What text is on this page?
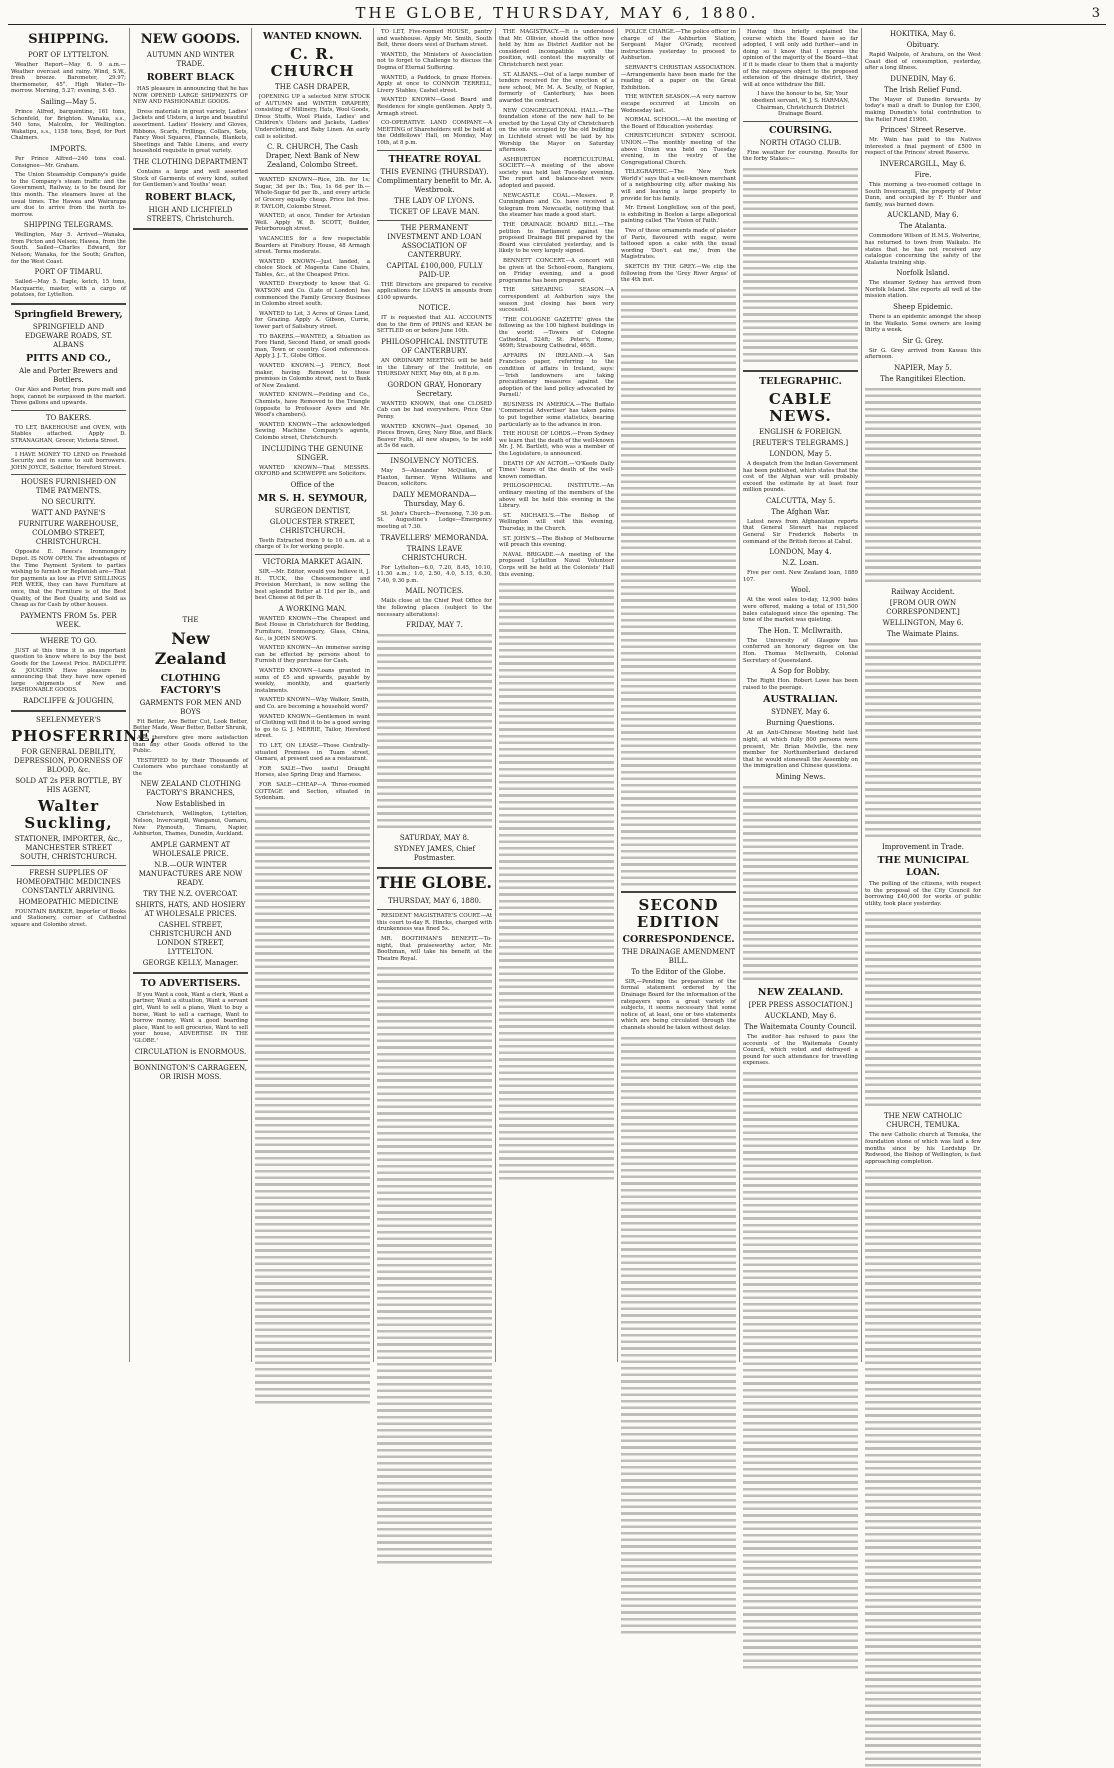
THE GLOBE, THURSDAY, MAY 6, 1880.	3
SHIPPING.
PORT OF LYTTELTON.
Weather Report—May 6. 9 a.m.—Weather overcast and rainy. Wind, S.W., fresh breeze. Barometer, 29.97; thermometer, 45°. High Water—To-morrow. Morning, 5.27; evening, 5.45.
Sailing—May 5.
Prince Alfred, barquentine, 161 tons, Schonfeld, for Brighton. Wanaka, s.s., 540 tons, Malcolm, for Wellington. Wakatipu, s.s., 1158 tons, Boyd, for Port Chalmers.
IMPORTS.
Per Prince Alfred—240 tons coal. Consignee—Mr. Graham.
The Union Steamship Company's guide to the Company's steam traffic and the Government, Railway, is to be found for this month. The steamers leave at the usual times. The Hawea and Wairarapa are due to arrive from the north to-morrow.
SHIPPING TELEGRAMS.
Wellington, May 5. Arrived—Wanaka, from Picton and Nelson; Hawea, from the South. Sailed—Charles Edward, for Nelson; Wanaka, for the South; Grafton, for the West Coast.
PORT OF TIMARU.
Sailed—May 5. Eagle, ketch, 15 tons, Macquarrie, master, with a cargo of potatoes, for Lyttelton.
Springfield Brewery,
SPRINGFIELD AND EDGEWARE ROADS, ST. ALBANS
PITTS AND CO.,
Ale and Porter Brewers and Bottlers.
Our Ales and Porter, from pure malt and hops, cannot be surpassed in the market. Three gallons and upwards.
TO BAKERS.
TO LET, BAKEHOUSE and OVEN, with Stables attached. Apply D. STRANAGHAN, Grocer, Victoria Street.
I HAVE MONEY TO LEND on Freehold Security and in sums to suit borrowers. JOHN JOYCE, Solicitor, Hereford Street.
HOUSES FURNISHED ON TIME PAYMENTS.
NO SECURITY.
WATT AND PAYNE'S
FURNITURE WAREHOUSE, COLOMBO STREET, CHRISTCHURCH.
Opposite E. Reece's Ironmongery Depot. IS NOW OPEN. The advantages of the Time Payment System to parties wishing to furnish or Replenish are—That for payments as low as FIVE SHILLINGS PER WEEK, they can have Furniture at once, that the Furniture is of the Best Quality, of the Best Quality, and Sold as Cheap as for Cash by other houses.
PAYMENTS FROM 5s. PER WEEK.
WHERE TO GO.
JUST at this time it is an important question to know where to buy the best Goods for the Lowest Price. RADCLIFFE & JOUGHIN Have pleasure in announcing that they have now opened large shipments of New and FASHIONABLE GOODS.
RADCLIFFE & JOUGHIN,
SEELENMEYER'S
PHOSFERRINE,
FOR GENERAL DEBILITY, DEPRESSION, POORNESS OF BLOOD, &c.
SOLD AT 2s PER BOTTLE, BY HIS AGENT,
Walter Suckling,
STATIONER, IMPORTER, &c., MANCHESTER STREET SOUTH, CHRISTCHURCH.
FRESH SUPPLIES OF HOMEOPATHIC MEDICINES CONSTANTLY ARRIVING.
HOMEOPATHIC MEDICINE
FOUNTAIN BARKER, Importer of Books and Stationery, corner of Cathedral square and Colombo street.
NEW GOODS.
AUTUMN AND WINTER TRADE.
ROBERT BLACK
HAS pleasure in announcing that he has NOW OPENED LARGE SHIPMENTS OF NEW AND FASHIONABLE GOODS.
Dress materials in great variety, Ladies' Jackets and Ulsters, a large and beautiful assortment. Ladies' Hosiery and Gloves, Ribbons, Scarfs, Frillings, Collars, Sets, Fancy Wool Squares, Flannels, Blankets, Sheetings and Table Linens, and every household requisite in great variety.
THE CLOTHING DEPARTMENT
Contains a large and well assorted Stock of Garments of every kind, suited for Gentlemen's and Youths' wear.
ROBERT BLACK,
HIGH AND LICHFIELD STREETS, Christchurch.
THE
New Zealand
CLOTHING FACTORY'S
GARMENTS FOR MEN AND BOYS
Fit Better, Are Better Cut, Look Better, Better Made, Wear Better, Better Shrunk,
And therefore give more satisfaction than any other Goods offered to the Public.
TESTIFIED to by their Thousands of Customers who purchase constantly at the
NEW ZEALAND CLOTHING FACTORY'S BRANCHES,
Now Established in
Christchurch, Wellington, Lyttelton, Nelson, Invercargill, Wanganui, Oamaru, New Plymouth, Timaru, Napier, Ashburton, Thames, Dunedin, Auckland.
AMPLE GARMENT AT WHOLESALE PRICE.
N.B.—OUR WINTER MANUFACTURES ARE NOW READY.
TRY THE N.Z. OVERCOAT.
SHIRTS, HATS, AND HOSIERY AT WHOLESALE PRICES.
CASHEL STREET, CHRISTCHURCH AND LONDON STREET, LYTTELTON.
GEORGE KELLY, Manager.
TO ADVERTISERS.
If you Want a cook, Want a clerk, Want a partner, Want a situation, Want a servant girl, Want to sell a piano, Want to buy a horse, Want to sell a carriage, Want to borrow money, Want a good boarding place, Want to sell groceries, Want to sell your house, ADVERTISE IN THE 'GLOBE.'
CIRCULATION is ENORMOUS.
BONNINGTON'S CARRAGEEN, OR IRISH MOSS.
WANTED KNOWN.
C. R. CHURCH
THE CASH DRAPER,
[OPENING UP a selected NEW STOCK of AUTUMN and WINTER DRAPERY, consisting of Millinery, Hats, Wool Goods, Dress Stuffs, Wool Plaids, Ladies' and Children's Ulsters and Jackets, Ladies' Underclothing, and Baby Linen. An early call is solicited.
C. R. CHURCH, The Cash Draper, Next Bank of New Zealand, Colombo Street.
WANTED KNOWN—Rice, 2lb. for 1s; Sugar, 3d per lb.; Tea, 1s 6d per lb.—Whole-Sugar 6d per lb., and every article of Grocery equally cheap. Price list free. P. TAYLOR, Colombo Street.
WANTED, at once, Tender for Artesian Well. Apply W. B. SCOTT, Builder, Peterborough street.
VACANCIES for a few respectable Boarders at Finsbury House, 48 Armagh street. Terms moderate.
WANTED KNOWN—Just landed, a choice Stock of Magenta Cane Chairs, Tables, &c., at the Cheapest Price.
WANTED Everybody to know that G. WATSON and Co. (Late of London) has commenced the Family Grocery Business in Colombo street south.
WANTED to Let, 3 Acres of Grass Land, for Grazing. Apply A. Gibson, Currie, lower part of Salisbury street.
TO BAKERS.—WANTED, a Situation as Fore Hand, Second Hand, or small goods man, Town or country. Good references. Apply J. J. T., Globe Office.
WANTED KNOWN.—J. PERCY, Boot maker, having Removed to those premises in Colombo street, next to Bank of New Zealand.
WANTED KNOWN.—Feilding and Co., Chemists, have Removed to the Triangle (opposite to Professor Ayers and Mr. Wood's chambers).
WANTED KNOWN—The acknowledged Sewing Machine Company's agents, Colombo street, Christchurch.
INCLUDING THE GENUINE SINGER.
WANTED KNOWN—That MESSRS. OXFORD and SCHWEPPE are Solicitors.
Office of the
MR S. H. SEYMOUR,
SURGEON DENTIST,
GLOUCESTER STREET, CHRISTCHURCH.
Teeth Extracted from 9 to 10 a.m. at a charge of 1s for working people.
VICTORIA MARKET AGAIN.
SIR.—Mr. Editor, would you believe it, J. H. TUCK, the Cheesemonger and Provision Merchant, is now selling the best splendid Butter at 11d per lb., and best Cheese at 6d per lb.
A WORKING MAN.
WANTED KNOWN—The Cheapest and Best House in Christchurch for Bedding, Furniture, Ironmongery, Glass, China, &c., is JOHN SNOW'S.
WANTED KNOWN—An immense saving can be effected by persons about to Furnish if they purchase for Cash.
WANTED KNOWN—Loans granted in sums of £5 and upwards, payable by weekly, monthly, and quarterly instalments.
WANTED KNOWN—Why Walker, Smith, and Co. are becoming a household word?
WANTED KNOWN—Gentlemen in want of Clothing will find it to be a good saving to go to G. J. MERRIE, Tailor, Hereford street.
TO LET, ON LEASE—Those Centrally-situated Premises in Tuam street, Oamaru, at present used as a restaurant.
FOR SALE—Two useful Draught Horses, also Spring Dray and Harness.
FOR SALE—CHEAP—A Three-roomed COTTAGE and Section, situated in Sydenham.
TO LET, Five-roomed HOUSE, pantry and washhouse. Apply Mr. Smith, South Belt, three doors west of Durham street.
WANTED, the Ministers of Association not to forget to Challenge to discuss the Dogma of Eternal Suffering.
WANTED, a Paddock, to graze Horses. Apply at once to CONNOR TERRELL, Livery Stables, Cashel street.
WANTED KNOWN—Good Board and Residence for single gentlemen. Apply 5, Armagh street.
CO-OPERATIVE LAND COMPANY.—A MEETING of Shareholders will be held at the Oddfellows' Hall, on Monday, May 10th, at 8 p.m.
THEATRE ROYAL
THIS EVENING (THURSDAY). Complimentary benefit to Mr. A. Westbrook.
THE LADY OF LYONS.
TICKET OF LEAVE MAN.
THE PERMANENT INVESTMENT AND LOAN ASSOCIATION OF CANTERBURY.
CAPITAL £100,000, FULLY PAID-UP.
THE Directors are prepared to receive applications for LOANS in amounts from £100 upwards.
NOTICE.
IT is requested that ALL ACCOUNTS due to the firm of PRINS and KEAN be SETTLED on or before June 10th.
PHILOSOPHICAL INSTITUTE OF CANTERBURY.
AN ORDINARY MEETING will be held in the Library of the Institute, on THURSDAY NEXT, May 6th, at 8 p.m.
GORDON GRAY, Honorary Secretary.
WANTED KNOWN, that one CLOSED Cab can be had everywhere. Price One Penny.
WANTED KNOWN—Just Opened, 30 Pieces Brown, Grey, Navy Blue, and Black Beaver Felts, all new shapes, to be sold at 5s 6d each.
INSOLVENCY NOTICES.
May 5—Alexander McQuillan, of Flaxton, farmer. Wynn Williams and Deacon, solicitors.
DAILY MEMORANDA—Thursday, May 6.
St. John's Church—Evensong, 7.30 p.m. St. Augustine's Lodge—Emergency meeting at 7.30.
TRAVELLERS' MEMORANDA.
TRAINS LEAVE CHRISTCHURCH.
For Lyttelton—6.0, 7.20, 8.45, 10.10, 11.30 a.m.; 1.0, 2.50, 4.0, 5.15, 6.30, 7.40, 9.30 p.m.
MAIL NOTICES.
Mails close at the Chief Post Office for the following places (subject to the necessary alterations):
FRIDAY, MAY 7.
SATURDAY, MAY 8.
SYDNEY JAMES, Chief Postmaster.
THE GLOBE.
THURSDAY, MAY 6, 1880.
RESIDENT MAGISTRATE'S COURT.—At this court to-day R. Hincks, charged with drunkenness was fined 5s.
MR. BOOTHMAN'S BENEFIT.—To-night, that praiseworthy actor, Mr. Boothman, will take his benefit at the Theatre Royal.
THE MAGISTRACY.—It is understood that Mr. Ollivier, should the office now held by him as District Auditor not be considered incompatible with the position, will contest the mayoralty of Christchurch next year.
ST. ALBANS.—Out of a large number of tenders received for the erection of a new school, Mr. M. A. Scully, of Napier, formerly of Canterbury, has been awarded the contract.
NEW CONGREGATIONAL HALL.—The foundation stone of the new hall to be erected by the Loyal City of Christchurch on the site occupied by the old building in Lichfield street will be laid by his Worship the Mayor on Saturday afternoon.
ASHBURTON HORTICULTURAL SOCIETY.—A meeting of the above society was held last Tuesday evening. The report and balance-sheet were adopted and passed.
NEWCASTLE COAL.—Messrs. P. Cunningham and Co. have received a telegram from Newcastle, notifying that the steamer has made a good start.
THE DRAINAGE BOARD BILL.—The petition to Parliament against the proposed Drainage Bill prepared by the Board was circulated yesterday, and is likely to be very largely signed.
BENNETT CONCERT.—A concert will be given at the School-room, Rangiora, on Friday evening, and a good programme has been prepared.
THE SHEARING SEASON.—A correspondent at Ashburton says the season just closing has been very successful.
'THE COLOGNE GAZETTE' gives the following as the 100 highest buildings in the world: —Towers of Cologne Cathedral, 524ft; St. Peter's, Rome, 469ft; Strasbourg Cathedral, 465ft.
AFFAIRS IN IRELAND.—A San Francisco paper, referring to the condition of affairs in Ireland, says:—'Irish landowners are taking precautionary measures against the adoption of the land policy advocated by Parnell.'
BUSINESS IN AMERICA.—The Buffalo 'Commercial Advertiser' has taken pains to put together some statistics, bearing particularly as to the advance in iron.
THE HOUSE OF LORDS.—From Sydney we learn that the death of the well-known Mr. J. M. Bartlett, who was a member of the Legislature, is announced.
DEATH OF AN ACTOR.—'O'Keefe Daily Times' hears of the death of the well-known comedian.
PHILOSOPHICAL INSTITUTE.—An ordinary meeting of the members of the above will be held this evening in the Library.
ST. MICHAEL'S.—The Bishop of Wellington will visit this evening, Thursday, in the Church.
ST. JOHN'S.—The Bishop of Melbourne will preach this evening.
NAVAL BRIGADE.—A meeting of the proposed Lyttelton Naval Volunteer Corps will be held at the Colonists' Hall this evening.
POLICE CHARGE.—The police officer in charge of the Ashburton Station, Sergeant Major O'Grady, received instructions yesterday to proceed to Ashburton.
SERVANT'S CHRISTIAN ASSOCIATION.—Arrangements have been made for the reading of a paper on the Great Exhibition.
THE WINTER SEASON.—A very narrow escape occurred at Lincoln on Wednesday last.
NORMAL SCHOOL.—At the meeting of the Board of Education yesterday.
CHRISTCHURCH SYDNEY SCHOOL UNION.—The monthly meeting of the above Union was held on Tuesday evening, in the vestry of the Congregational Church.
TELEGRAPHIC.—The 'New York World's' says that a well-known merchant of a neighbouring city, after making his will and leaving a large property to provide for his family.
Mr. Ernest Longfellow, son of the poet, is exhibiting in Boston a large allegorical painting called 'The Vision of Faith.'
Two of those ornaments made of plaster of Paris, flavoured with sugar, were tattooed upon a cake with the usual wording 'Don't eat me,' from the Magistrates.
SKETCH BY THE GREY.—We clip the following from the 'Grey River Argus' of the 4th inst.
SECOND EDITION
CORRESPONDENCE.
THE DRAINAGE AMENDMENT BILL.
To the Editor of the Globe.
SIR,—Pending the preparation of the formal statement ordered by the Drainage Board for the information of the ratepayers upon a great variety of subjects, it seems necessary that some notice of, at least, one or two statements which are being circulated through the channels should be taken without delay.
Having thus briefly explained the course which the Board have so far adopted, I will only add further—and in doing so I know that I express the opinion of the majority of the Board—that if it is made clear to them that a majority of the ratepayers object to the proposed extension of the drainage district, they will at once withdraw the Bill.
I have the honour to be, Sir, Your obedient servant, W. J. S. HARMAN, Chairman, Christchurch District Drainage Board.
COURSING.
NORTH OTAGO CLUB.
Fine weather for coursing. Results for the forby Stakes:—
TELEGRAPHIC.
CABLE NEWS.
ENGLISH & FOREIGN.
[REUTER'S TELEGRAMS.]
LONDON, May 5.
A despatch from the Indian Government has been published, which states that the cost of the Afghan war will probably exceed the estimate by at least four million pounds.
CALCUTTA, May 5.
The Afghan War.
Latest news from Afghanistan reports that General Stewart has replaced General Sir Frederick Roberts in command of the British forces at Cabul.
LONDON, May 4.
N.Z. Loan.
Five per cent. New Zealand loan, 1889 107.
Wool.
At the wool sales to-day, 12,900 bales were offered, making a total of 151,500 bales catalogued since the opening. The tone of the market was quieting.
The Hon. T. McIlwraith.
The University of Glasgow has conferred an honorary degree on the Hon. Thomas McIlwraith, Colonial Secretary of Queensland.
A Sop for Bobby.
The Right Hon. Robert Lowe has been raised to the peerage.
AUSTRALIAN.
SYDNEY, May 6.
Burning Questions.
At an Anti-Chinese Meeting held last night, at which fully 800 persons were present, Mr. Brian Melville, the new member for Northumberland declared that he would stonewall the Assembly on the immigration and Chinese questions.
Mining News.
NEW ZEALAND.
[PER PRESS ASSOCIATION.]
AUCKLAND, May 6.
The Waitemata County Council.
The auditor has refused to pass the accounts of the Waitemata County Council, which voted and defrayed a pound for such attendance for travelling expenses.
HOKITIKA, May 6.
Obituary.
Rapid Walpole, of Arahura, on the West Coast died of consumption, yesterday, after a long illness.
DUNEDIN, May 6.
The Irish Relief Fund.
The Mayor of Dunedin forwards by today's mail a draft to Dunlop for £300, making Dunedin's total contribution to the Relief Fund £1900.
Princes' Street Reserve.
Mr. Wain has paid to the Natives interested a final payment of £500 in respect of the Princes' street Reserve.
INVERCARGILL, May 6.
Fire.
This morning a two-roomed cottage in South Invercargill, the property of Peter Dunn, and occupied by F. Hunter and family, was burned down.
AUCKLAND, May 6.
The Atalanta.
Commodore Wilson of H.M.S. Wolverine, has returned to town from Waikato. He states that he has not received any catalogue concerning the safety of the Atalanta training ship.
Norfolk Island.
The steamer Sydney has arrived from Norfolk Island. She reports all well at the mission station.
Sheep Epidemic.
There is an epidemic amongst the sheep in the Waikato. Some owners are losing thirty a week.
Sir G. Grey.
Sir G. Grey arrived from Kawau this afternoon.
NAPIER, May 5.
The Rangitikei Election.
Railway Accident.
[FROM OUR OWN CORRESPONDENT.]
WELLINGTON, May 6.
The Waimate Plains.
Improvement in Trade.
THE MUNICIPAL LOAN.
The polling of the citizens, with respect to the proposal of the City Council for borrowing £40,000 for works of public utility, took place yesterday.
THE NEW CATHOLIC CHURCH, TEMUKA.
The new Catholic church at Temuka, the foundation stone of which was laid a few months since by his Lordship Dr. Redwood, the Bishop of Wellington, is fast approaching completion.
